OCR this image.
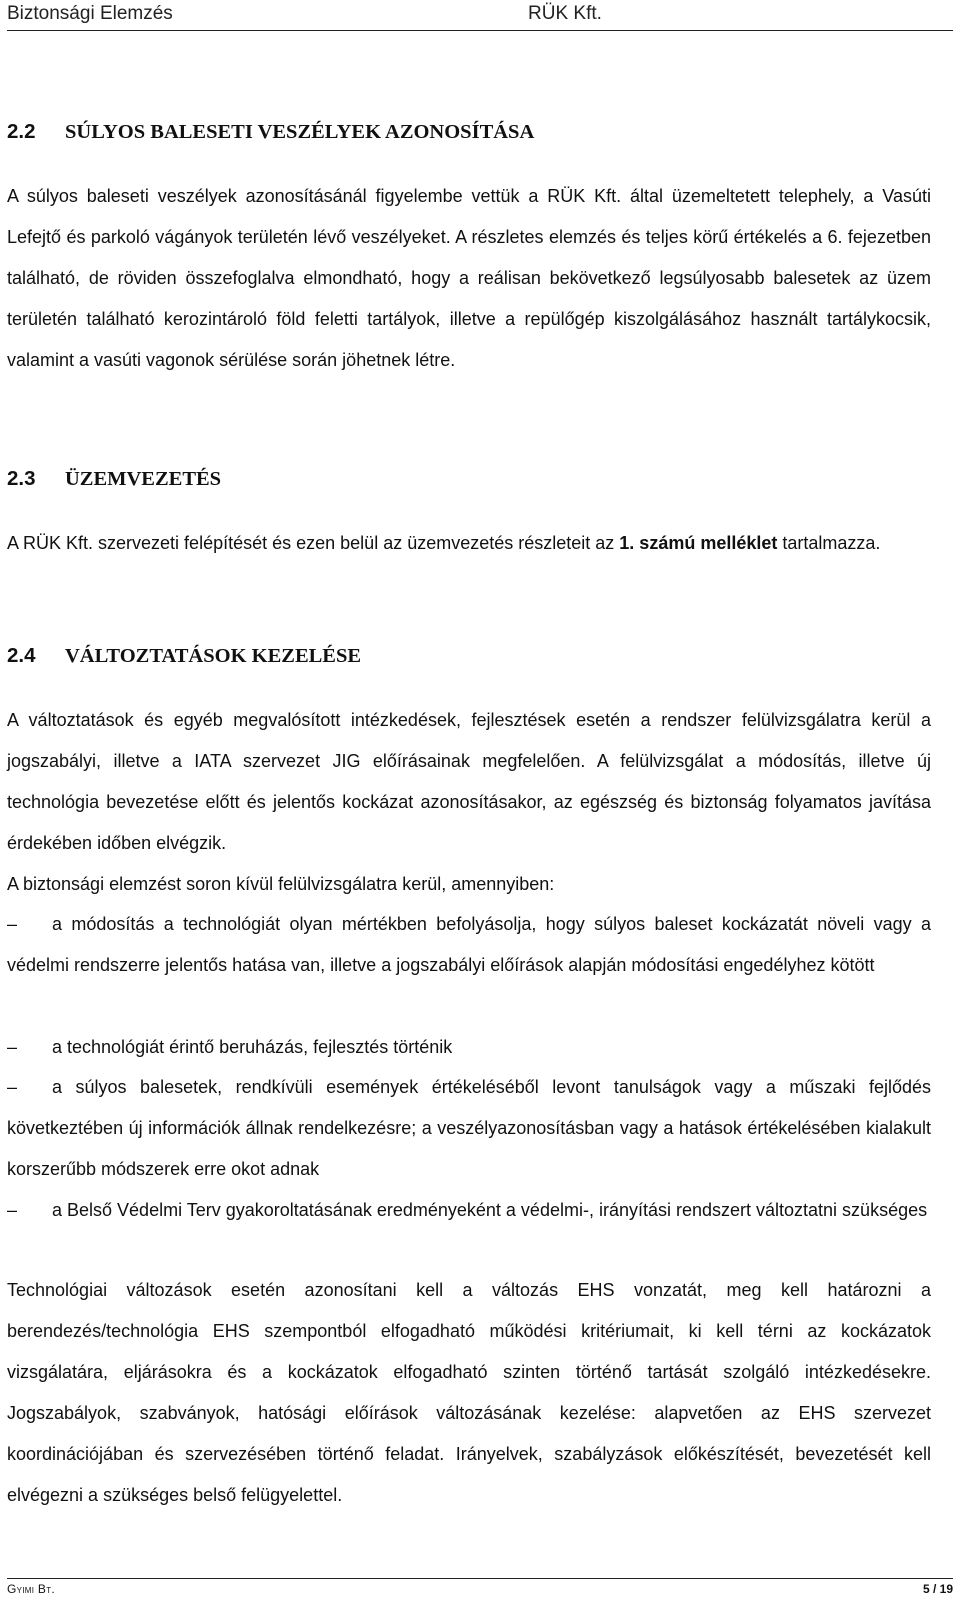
Biztonsági Elemzés	RÜK Kft.
2.2 SÚLYOS BALESETI VESZÉLYEK AZONOSÍTÁSA
A súlyos baleseti veszélyek azonosításánál figyelembe vettük a RÜK Kft. által üzemeltetett telephely, a Vasúti Lefejtő és parkoló vágányok területén lévő veszélyeket. A részletes elemzés és teljes körű értékelés a 6. fejezetben található, de röviden összefoglalva elmondható, hogy a reálisan bekövetkező legsúlyosabb balesetek az üzem területén található kerozintároló föld feletti tartályok, illetve a repülőgép kiszolgálásához használt tartálykocsik, valamint a vasúti vagonok sérülése során jöhetnek létre.
2.3 ÜZEMVEZETÉS
A RÜK Kft. szervezeti felépítését és ezen belül az üzemvezetés részleteit az 1. számú melléklet tartalmazza.
2.4 VÁLTOZTATÁSOK KEZELÉSE
A változtatások és egyéb megvalósított intézkedések, fejlesztések esetén a rendszer felülvizsgálatra kerül a jogszabályi, illetve a IATA szervezet JIG előírásainak megfelelően. A felülvizsgálat a módosítás, illetve új technológia bevezetése előtt és jelentős kockázat azonosításakor, az egészség és biztonság folyamatos javítása érdekében időben elvégzik.
A biztonsági elemzést soron kívül felülvizsgálatra kerül, amennyiben:
– a módosítás a technológiát olyan mértékben befolyásolja, hogy súlyos baleset kockázatát növeli vagy a védelmi rendszerre jelentős hatása van, illetve a jogszabályi előírások alapján módosítási engedélyhez kötött
– a technológiát érintő beruházás, fejlesztés történik
– a súlyos balesetek, rendkívüli események értékeléséből levont tanulságok vagy a műszaki fejlődés következtében új információk állnak rendelkezésre; a veszélyazonosításban vagy a hatások értékelésében kialakult korszerűbb módszerek erre okot adnak
– a Belső Védelmi Terv gyakoroltatásának eredményeként a védelmi-, irányítási rendszert változtatni szükséges
Technológiai változások esetén azonosítani kell a változás EHS vonzatát, meg kell határozni a berendezés/technológia EHS szempontból elfogadható működési kritériumait, ki kell térni az kockázatok vizsgálatára, eljárásokra és a kockázatok elfogadható szinten történő tartását szolgáló intézkedésekre. Jogszabályok, szabványok, hatósági előírások változásának kezelése: alapvetően az EHS szervezet koordinációjában és szervezésében történő feladat. Irányelvek, szabályzások előkészítését, bevezetését kell elvégezni a szükséges belső felügyelettel.
Gyimi Bt.	5 / 19
